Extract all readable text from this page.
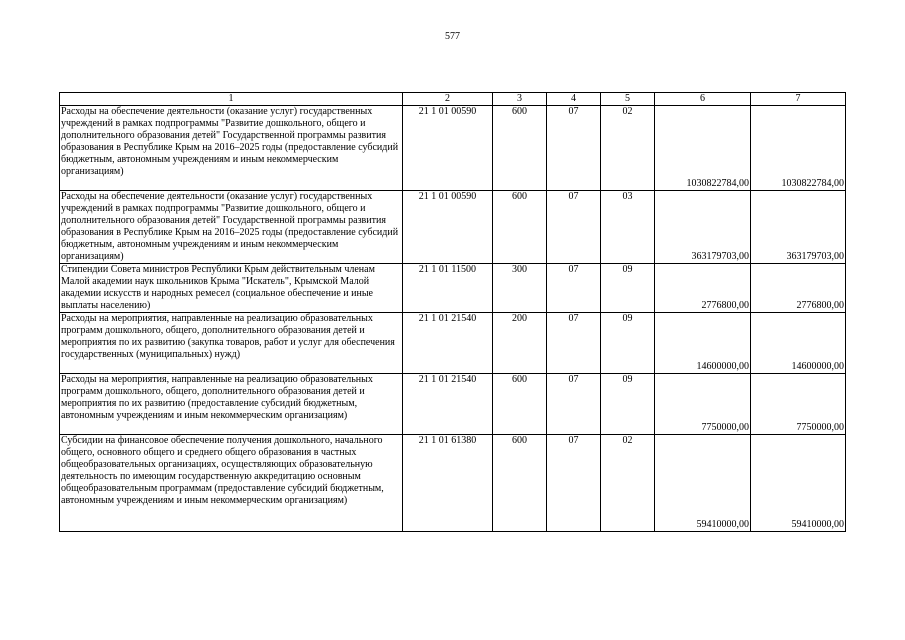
577
1	2	3	4	5	6	7
Расходы на обеспечение деятельности (оказание услуг) государственных учреждений в рамках подпрограммы "Развитие дошкольного, общего и дополнительного образования детей" Государственной программы развития образования в Республике Крым на 2016–2025 годы (предоставление субсидий бюджетным, автономным учреждениям и иным некоммерческим организациям)	21 1 01 00590	600	07	02	1030822784,00	1030822784,00
Расходы на обеспечение деятельности (оказание услуг) государственных учреждений в рамках подпрограммы "Развитие дошкольного, общего и дополнительного образования детей" Государственной программы развития образования в Республике Крым на 2016–2025 годы (предоставление субсидий бюджетным, автономным учреждениям и иным некоммерческим организациям)	21 1 01 00590	600	07	03	363179703,00	363179703,00
Стипендии Совета министров Республики Крым действительным членам Малой академии наук школьников Крыма "Искатель", Крымской Малой академии искусств и народных ремесел (социальное обеспечение и иные выплаты населению)	21 1 01 11500	300	07	09	2776800,00	2776800,00
Расходы на мероприятия, направленные на реализацию образовательных программ дошкольного, общего, дополнительного образования детей и мероприятия по их развитию (закупка товаров, работ и услуг для обеспечения государственных (муниципальных) нужд)	21 1 01 21540	200	07	09	14600000,00	14600000,00
Расходы на мероприятия, направленные на реализацию образовательных программ дошкольного, общего, дополнительного образования детей и мероприятия по их развитию (предоставление субсидий бюджетным, автономным учреждениям и иным некоммерческим организациям)	21 1 01 21540	600	07	09	7750000,00	7750000,00
Субсидии на финансовое обеспечение получения дошкольного, начального общего, основного общего и среднего общего образования в частных общеобразовательных организациях, осуществляющих образовательную деятельность по имеющим государственную аккредитацию основным общеобразовательным программам (предоставление субсидий бюджетным, автономным учреждениям и иным некоммерческим организациям)	21 1 01 61380	600	07	02	59410000,00	59410000,00
